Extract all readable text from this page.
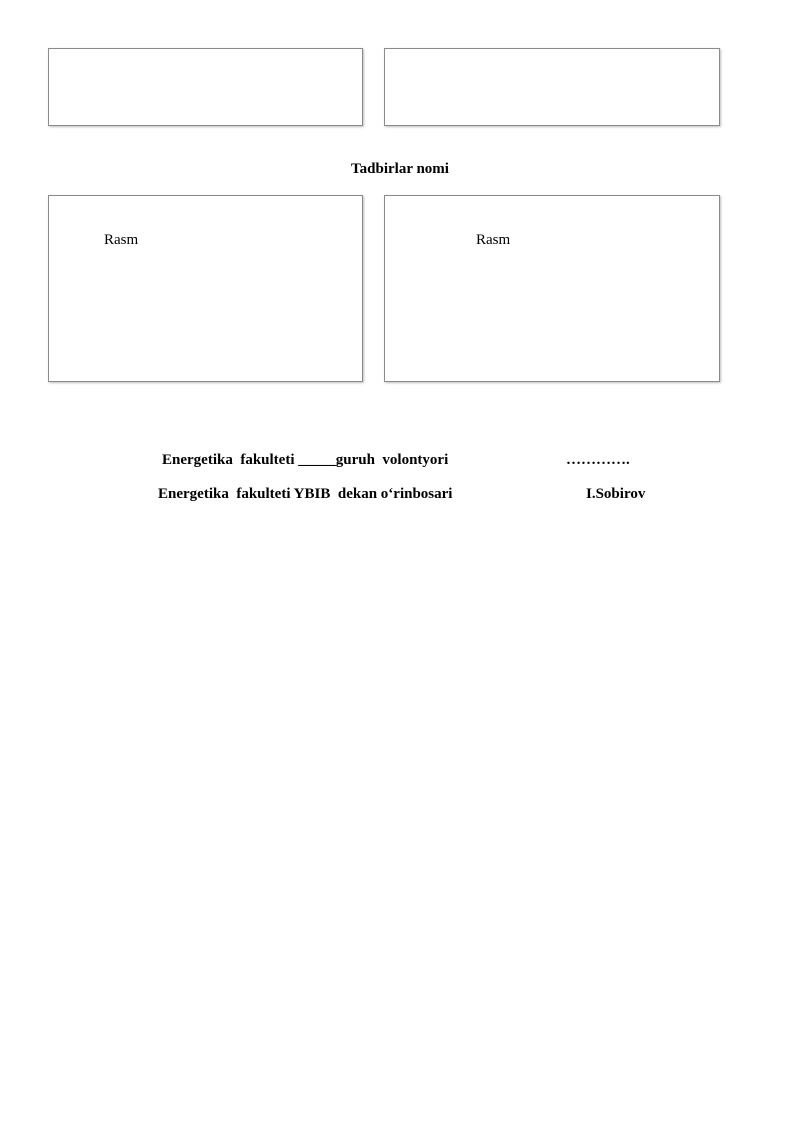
Tadbirlar nomi
Rasm	Rasm
Energetika  fakulteti _____guruh  volontyori	………….
Energetika  fakulteti YBIB  dekan o‘rinbosari	I.Sobirov
